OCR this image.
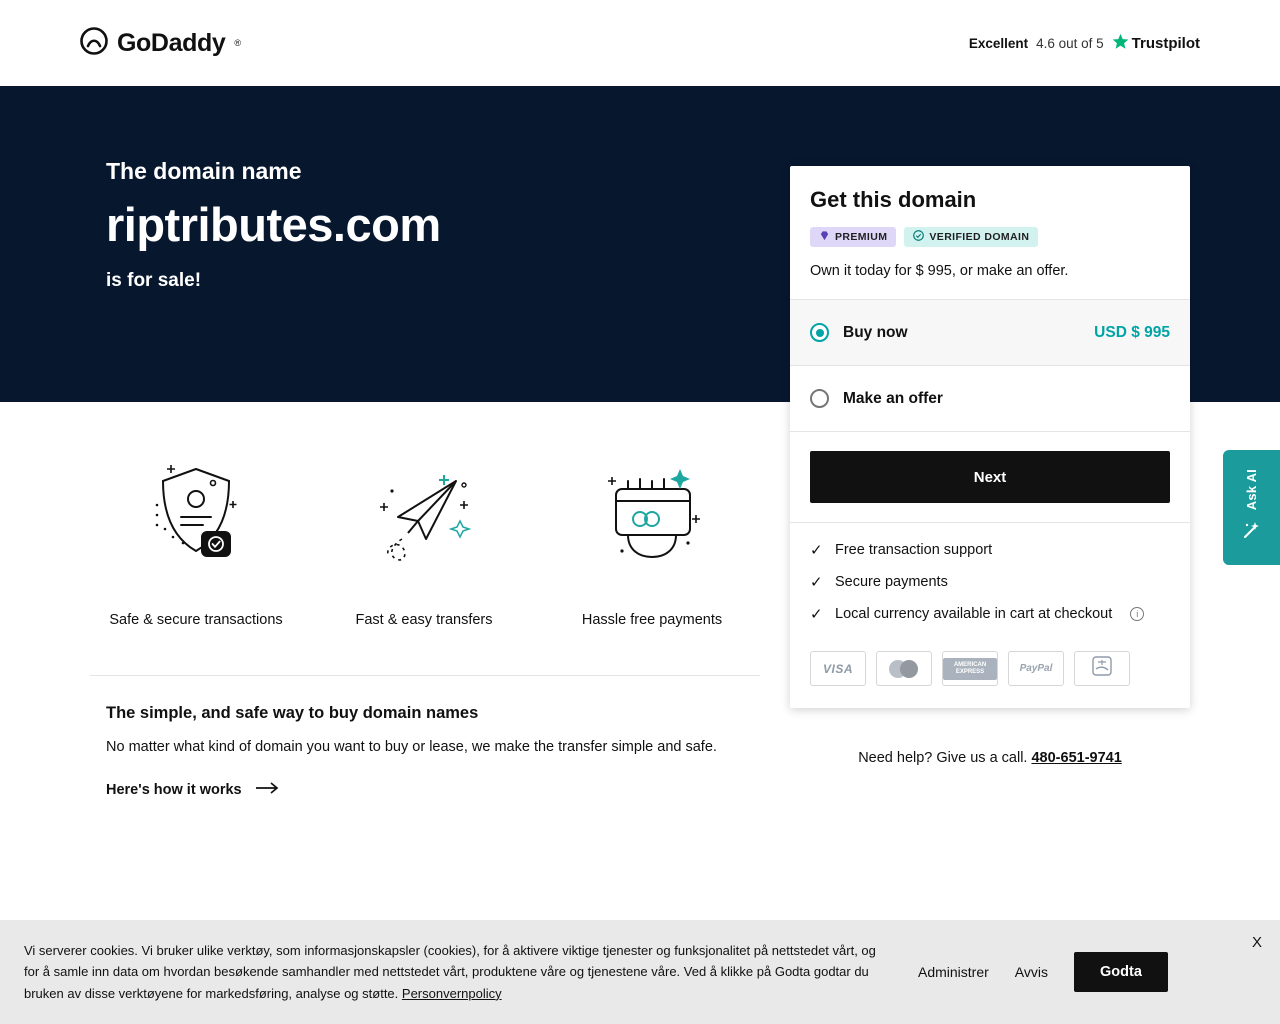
GoDaddy ®	Excellent 4.6 out of 5 Trustpilot

The domain name

riptributes.com

is for sale!

Safe & secure transactions	Fast & easy transfers	Hassle free payments
The simple, and safe way to buy domain names

No matter what kind of domain you want to buy or lease, we make the transfer simple and safe.

Here's how it works
Get this domain
PREMIUM	VERIFIED DOMAIN

Own it today for $ 995, or make an offer.

Buy now	USD $ 995
Make an offer
Next
✓ Free transaction support
✓ Secure payments
✓ Local currency available in cart at checkout	i
VISA	AMERICAN EXPRESS	PayPal
Need help? Give us a call. 480-651-9741
Ask AI
Vi serverer cookies. Vi bruker ulike verktøy, som informasjonskapsler (cookies), for å aktivere viktige tjenester og funksjonalitet på nettstedet vårt, og for å samle inn data om hvordan besøkende samhandler med nettstedet vårt, produktene våre og tjenestene våre. Ved å klikke på Godta godtar du bruken av disse verktøyene for markedsføring, analyse og støtte. Personvernpolicy
Administrer Avvis	Godta
X
